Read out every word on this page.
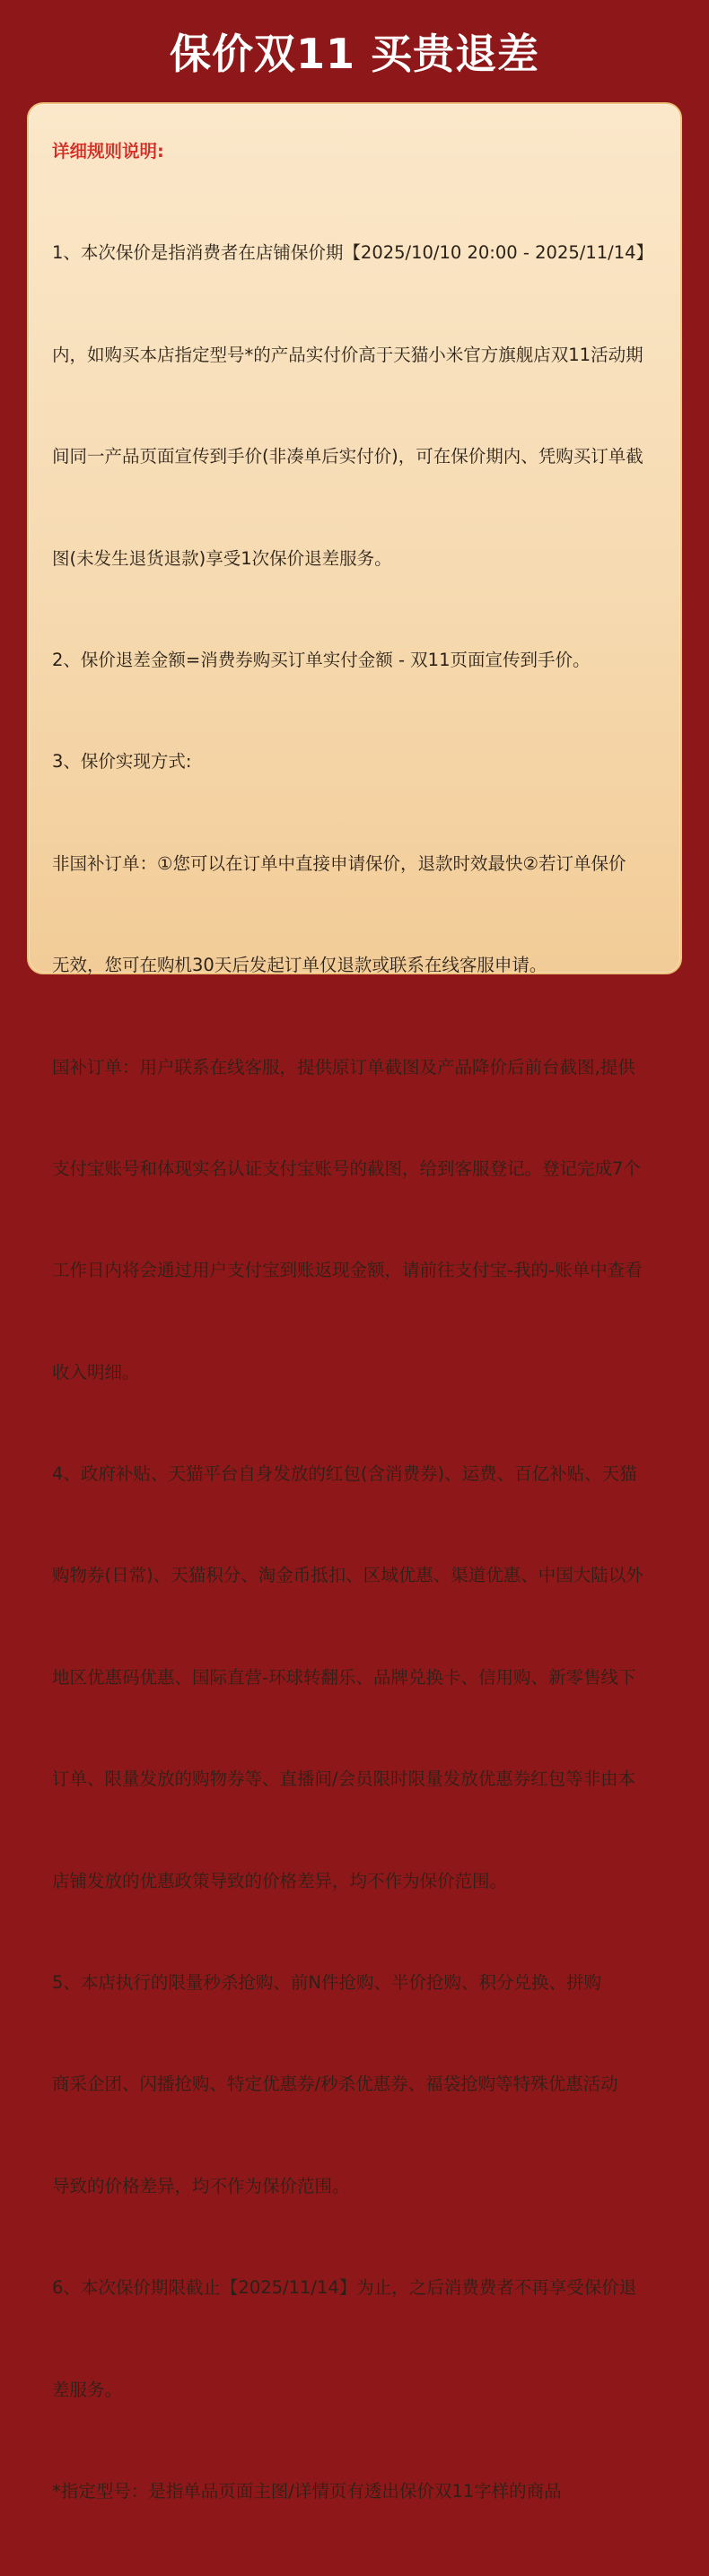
保价双11 买贵退差
详细规则说明:

1、本次保价是指消费者在店铺保价期【2025/10/10 20:00 - 2025/11/14】

内，如购买本店指定型号*的产品实付价高于天猫小米官方旗舰店双11活动期

间同一产品页面宣传到手价(非凑单后实付价)，可在保价期内、凭购买订单截

图(未发生退货退款)享受1次保价退差服务。

2、保价退差金额=消费券购买订单实付金额 - 双11页面宣传到手价。

3、保价实现方式:

非国补订单：①您可以在订单中直接申请保价，退款时效最快②若订单保价

无效，您可在购机30天后发起订单仅退款或联系在线客服申请。

国补订单：用户联系在线客服，提供原订单截图及产品降价后前台截图,提供

支付宝账号和体现实名认证支付宝账号的截图，给到客服登记。登记完成7个

工作日内将会通过用户支付宝到账返现金额，请前往支付宝-我的-账单中查看

收入明细。

4、政府补贴、天猫平台自身发放的红包(含消费券)、运费、百亿补贴、天猫

购物券(日常)、天猫积分、淘金币抵扣、区域优惠、渠道优惠、中国大陆以外

地区优惠码优惠、国际直营-环球转翻乐、品牌兑换卡、信用购、新零售线下

订单、限量发放的购物券等、直播间/会员限时限量发放优惠券红包等非由本

店铺发放的优惠政策导致的价格差异，均不作为保价范围。

5、本店执行的限量秒杀抢购、前N件抢购、半价抢购、积分兑换、拼购

商采企团、闪播抢购、特定优惠券/秒杀优惠券、福袋抢购等特殊优惠活动

导致的价格差异，均不作为保价范围。

6、本次保价期限截止【2025/11/14】为止，之后消费费者不再享受保价退

差服务。

*指定型号：是指单品页面主图/详情页有透出保价双11字样的商品
